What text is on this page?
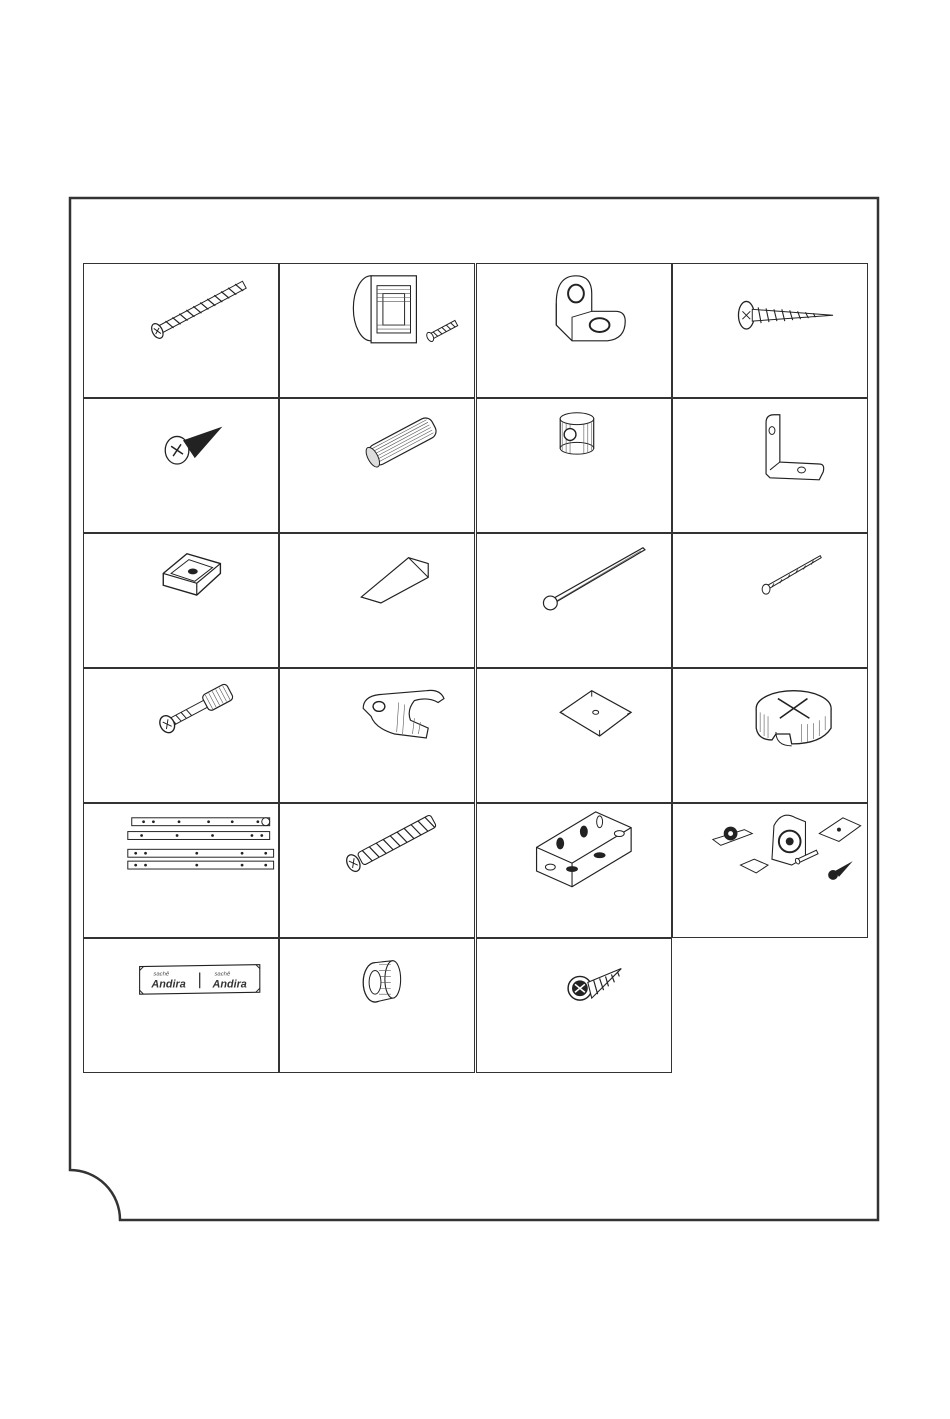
sachê
Andira
sachê
Andira
